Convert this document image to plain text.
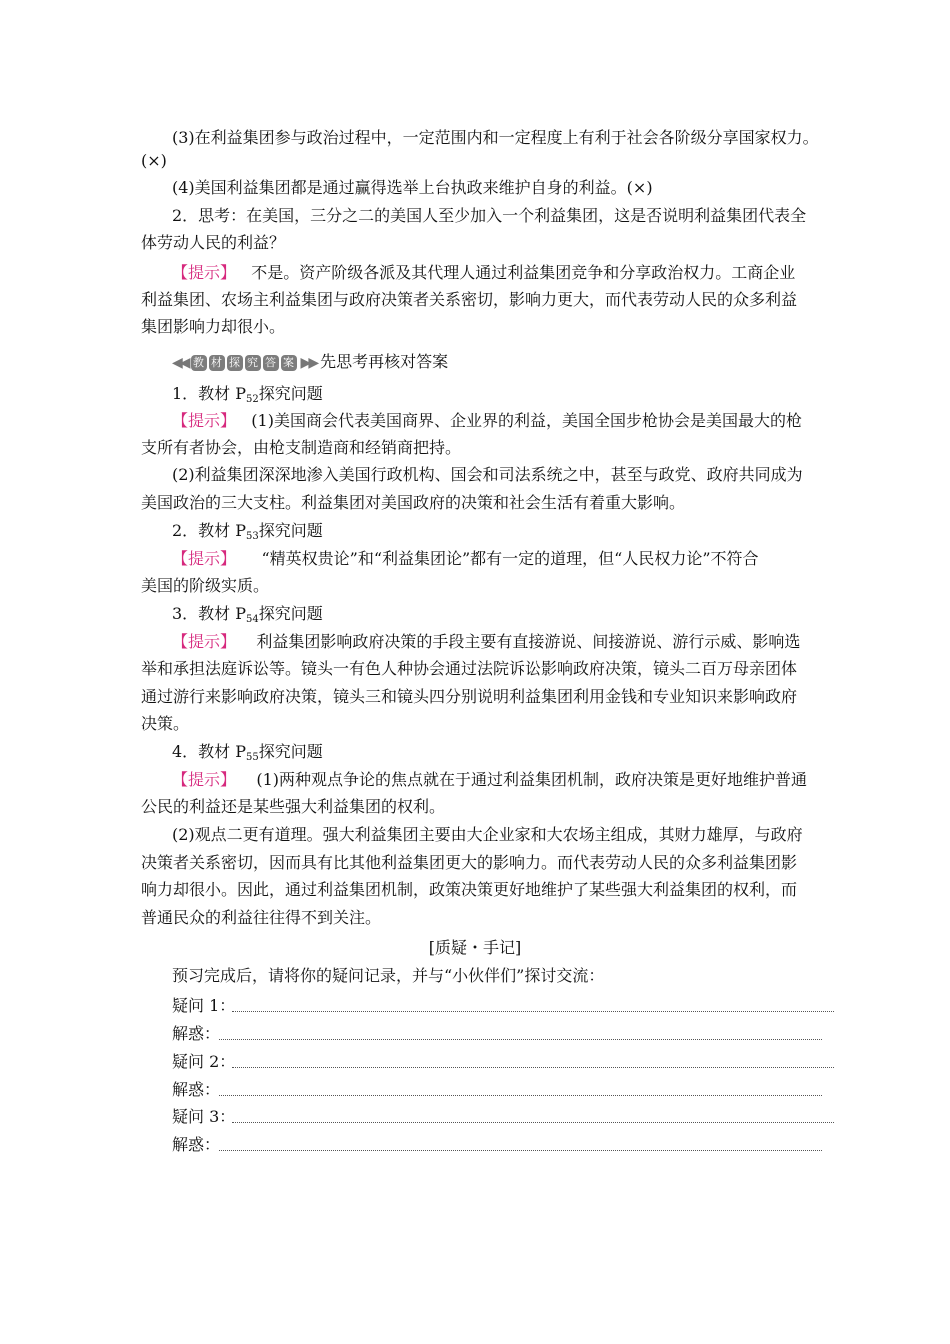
(3)在利益集团参与政治过程中，一定范围内和一定程度上有利于社会各阶级分享国家权力。
(×)
(4)美国利益集团都是通过赢得选举上台执政来维护自身的利益。(×)
2．思考：在美国，三分之二的美国人至少加入一个利益集团，这是否说明利益集团代表全
体劳动人民的利益？
【提示】 不是。资产阶级各派及其代理人通过利益集团竞争和分享政治权力。工商企业
利益集团、农场主利益集团与政府决策者关系密切，影响力更大，而代表劳动人民的众多利益
集团影响力却很小。
◀◀ 教 材 探 究 答 案 ▶▶ 先思考再核对答案
1．教材 $P_{52}$探究问题
【提示】 (1)美国商会代表美国商界、企业界的利益，美国全国步枪协会是美国最大的枪
支所有者协会，由枪支制造商和经销商把持。
(2)利益集团深深地渗入美国行政机构、国会和司法系统之中，甚至与政党、政府共同成为
美国政治的三大支柱。利益集团对美国政府的决策和社会生活有着重大影响。
2．教材 $P_{53}$探究问题
【提示】 “精英权贵论”和“利益集团论”都有一定的道理，但“人民权力论”不符合
美国的阶级实质。
3．教材 $P_{54}$探究问题
【提示】 利益集团影响政府决策的手段主要有直接游说、间接游说、游行示威、影响选
举和承担法庭诉讼等。镜头一有色人种协会通过法院诉讼影响政府决策，镜头二百万母亲团体
通过游行来影响政府决策，镜头三和镜头四分别说明利益集团利用金钱和专业知识来影响政府
决策。
4．教材 $P_{55}$探究问题
【提示】 (1)两种观点争论的焦点就在于通过利益集团机制，政府决策是更好地维护普通
公民的利益还是某些强大利益集团的权利。
(2)观点二更有道理。强大利益集团主要由大企业家和大农场主组成，其财力雄厚，与政府
决策者关系密切，因而具有比其他利益集团更大的影响力。而代表劳动人民的众多利益集团影
响力却很小。因此，通过利益集团机制，政策决策更好地维护了某些强大利益集团的权利，而
普通民众的利益往往得不到关注。
[质疑・手记]
预习完成后，请将你的疑问记录，并与“小伙伴们”探讨交流：
疑问 1：
解惑：
疑问 2：
解惑：
疑问 3：
解惑：
